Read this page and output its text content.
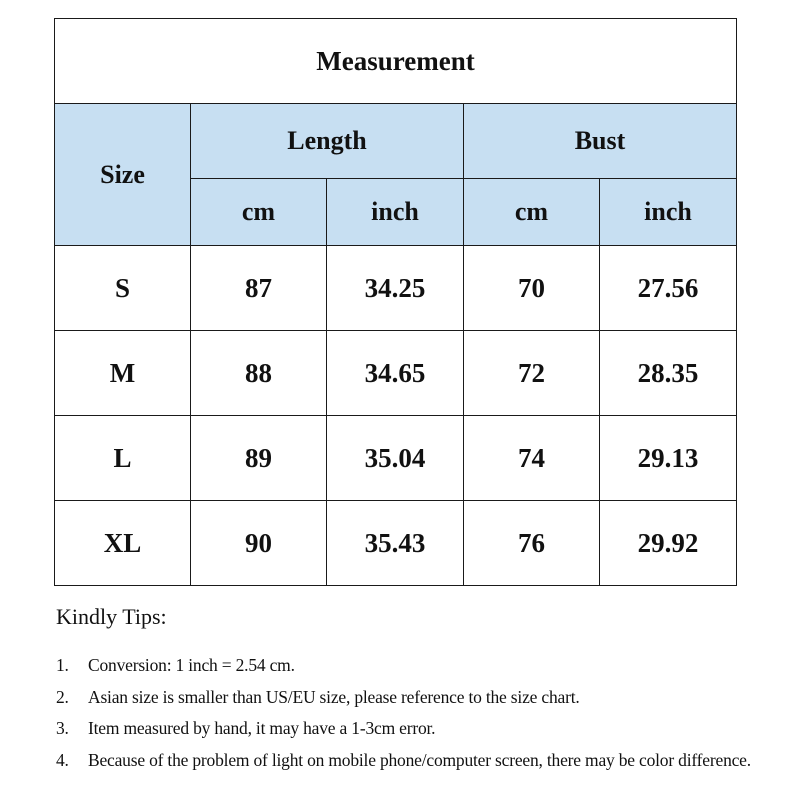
Measurement				
Size	Length		Bust	
	cm	inch	cm	inch
S	87	34.25	70	27.56
M	88	34.65	72	28.35
L	89	35.04	74	29.13
XL	90	35.43	76	29.92
Kindly Tips:
1. Conversion: 1 inch = 2.54 cm.
2. Asian size is smaller than US/EU size, please reference to the size chart.
3. Item measured by hand, it may have a 1-3cm error.
4. Because of the problem of light on mobile phone/computer screen, there may be color difference.
